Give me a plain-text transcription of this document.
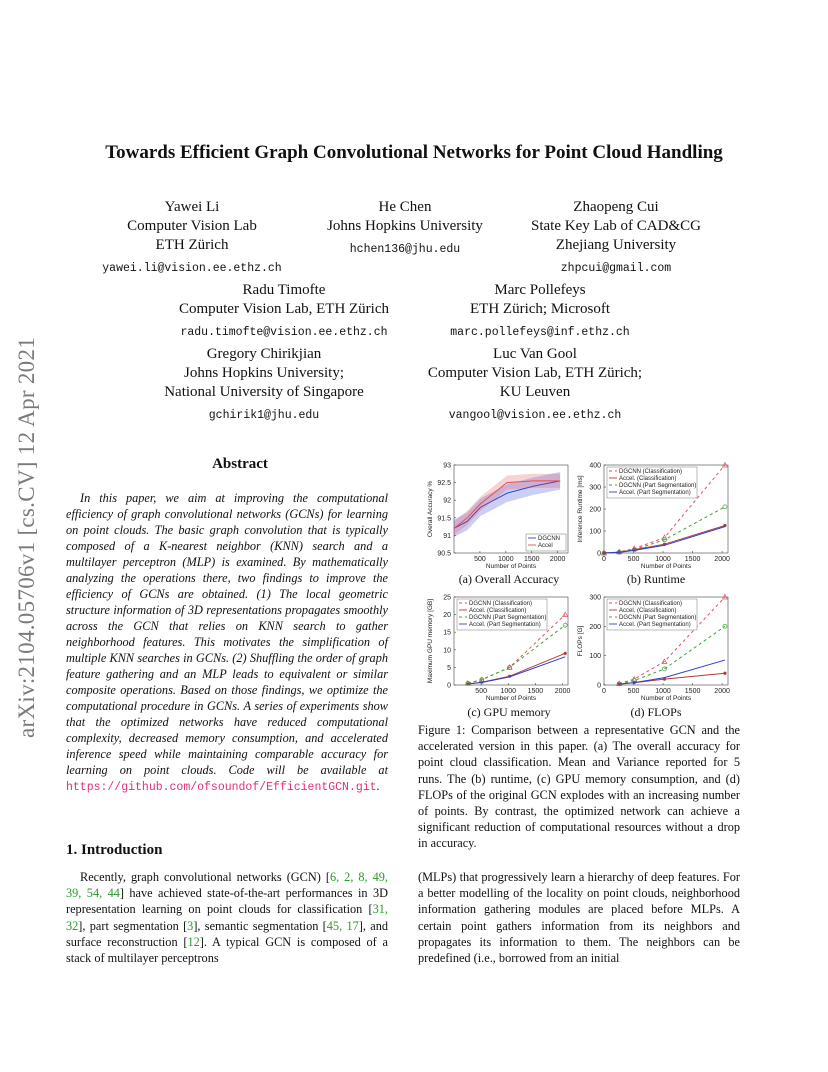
arXiv:2104.05706v1 [cs.CV] 12 Apr 2021
Towards Efficient Graph Convolutional Networks for Point Cloud Handling
Yawei Li
Computer Vision Lab
ETH Zürich
yawei.li@vision.ee.ethz.ch
He Chen
Johns Hopkins University
hchen136@jhu.edu
Zhaopeng Cui
State Key Lab of CAD&CG
Zhejiang University
zhpcui@gmail.com
Radu Timofte
Computer Vision Lab, ETH Zürich
radu.timofte@vision.ee.ethz.ch
Marc Pollefeys
ETH Zürich; Microsoft
marc.pollefeys@inf.ethz.ch
Gregory Chirikjian
Johns Hopkins University;
National University of Singapore
gchirik1@jhu.edu
Luc Van Gool
Computer Vision Lab, ETH Zürich;
KU Leuven
vangool@vision.ee.ethz.ch
Abstract
In this paper, we aim at improving the computational efficiency of graph convolutional networks (GCNs) for learning on point clouds. The basic graph convolution that is typically composed of a K-nearest neighbor (KNN) search and a multilayer perceptron (MLP) is examined. By mathematically analyzing the operations there, two findings to improve the efficiency of GCNs are obtained. (1) The local geometric structure information of 3D representations propagates smoothly across the GCN that relies on KNN search to gather neighborhood features. This motivates the simplification of multiple KNN searches in GCNs. (2) Shuffling the order of graph feature gathering and an MLP leads to equivalent or similar composite operations. Based on those findings, we optimize the computational procedure in GCNs. A series of experiments show that the optimized networks have reduced computational complexity, decreased memory consumption, and accelerated inference speed while maintaining comparable accuracy for learning on point clouds. Code will be available at https://github.com/ofsoundof/EfficientGCN.git.
1. Introduction
Recently, graph convolutional networks (GCN) [6, 2, 8, 49, 39, 54, 44] have achieved state-of-the-art performances in 3D representation learning on point clouds for classification [31, 32], part segmentation [3], semantic segmentation [45, 17], and surface reconstruction [12]. A typical GCN is composed of a stack of multilayer perceptrons
(MLPs) that progressively learn a hierarchy of deep features. For a better modelling of the locality on point clouds, neighborhood information gathering modules are placed before MLPs. A certain point gathers information from its neighbors and propagates its information to them. The neighbors can be predefined (i.e., borrowed from an initial
500 1000 1500 2000
90.5
91
91.5
92
92.5
93
Number of Points
Overall Accuracy %
DGCNN
Accel
0	500 1000 1500 2000
0
100
200
300
400
Number of Points
Inference Runtime [ms]
DGCNN (Classification)
Accel. (Classification)
DGCNN (Part Segmentation)
Accel. (Part Segmentation)
500 1000 1500 2000
0
5
10
15
20
25
Number of Points
Maximum GPU memory [GB]	DGCNN (Classification)
Accel. (Classification)
DGCNN (Part Segmentation)
Accel. (Part Segmentation)
0	500 1000 1500 2000
0
100
200
300
Number of Points
FLOPs [G]
DGCNN (Classification)
Accel. (Classification)
DGCNN (Part Segmentation)
Accel. (Part Segmentation)
(a) Overall Accuracy	(b) Runtime
(c) GPU memory	(d) FLOPs
Figure 1: Comparison between a representative GCN and the accelerated version in this paper. (a) The overall accuracy for point cloud classification. Mean and Variance reported for 5 runs. The (b) runtime, (c) GPU memory consumption, and (d) FLOPs of the original GCN explodes with an increasing number of points. By contrast, the optimized network can achieve a significant reduction of computational resources without a drop in accuracy.
